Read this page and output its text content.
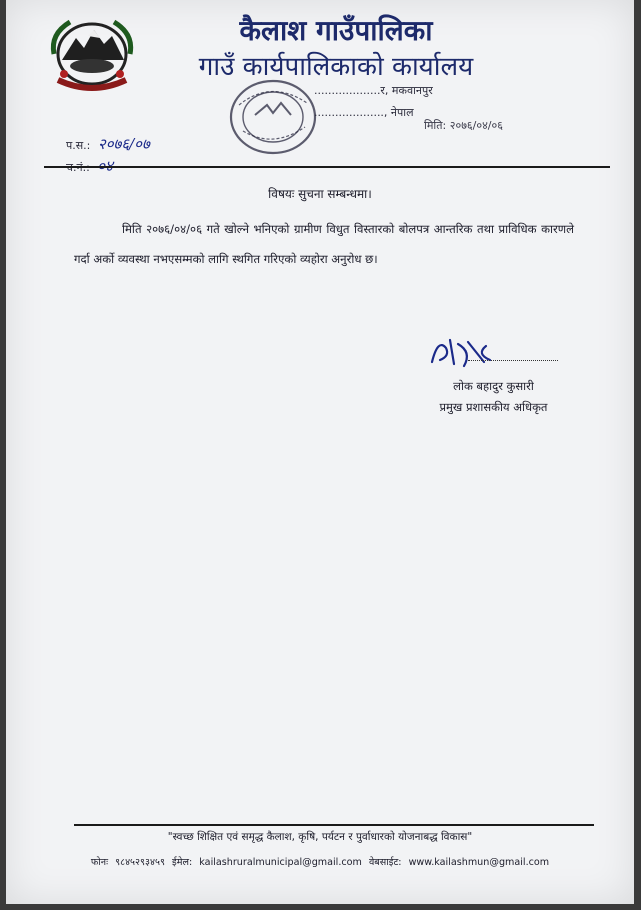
कैलाश गाउँपालिका
गाउँ कार्यपालिकाको कार्यालय
...................र, मकवानपुर
...................., नेपाल
प.स.: २०७६/०७
मिति: २०७६/०४/०६
विषयः सुचना सम्बन्धमा।
मिति २०७६/०४/०६ गते खोल्ने भनिएको ग्रामीण विधुत विस्तारको बोलपत्र आन्तरिक तथा प्राविधिक कारणले गर्दा अर्को व्यवस्था नभएसम्मको लागि स्थगित गरिएको व्यहोरा अनुरोध छ।
लोक बहादुर कुसारी
प्रमुख प्रशासकीय अधिकृत
"स्वच्छ शिक्षित एवं समृद्ध कैलाश, कृषि, पर्यटन र पुर्वाधारको योजनाबद्ध विकास"
फोनः ९८४५२९३४५९ ईमेल: kailashruralmunicipal@gmail.com वेबसाईट: www.kailashmun@gmail.com
